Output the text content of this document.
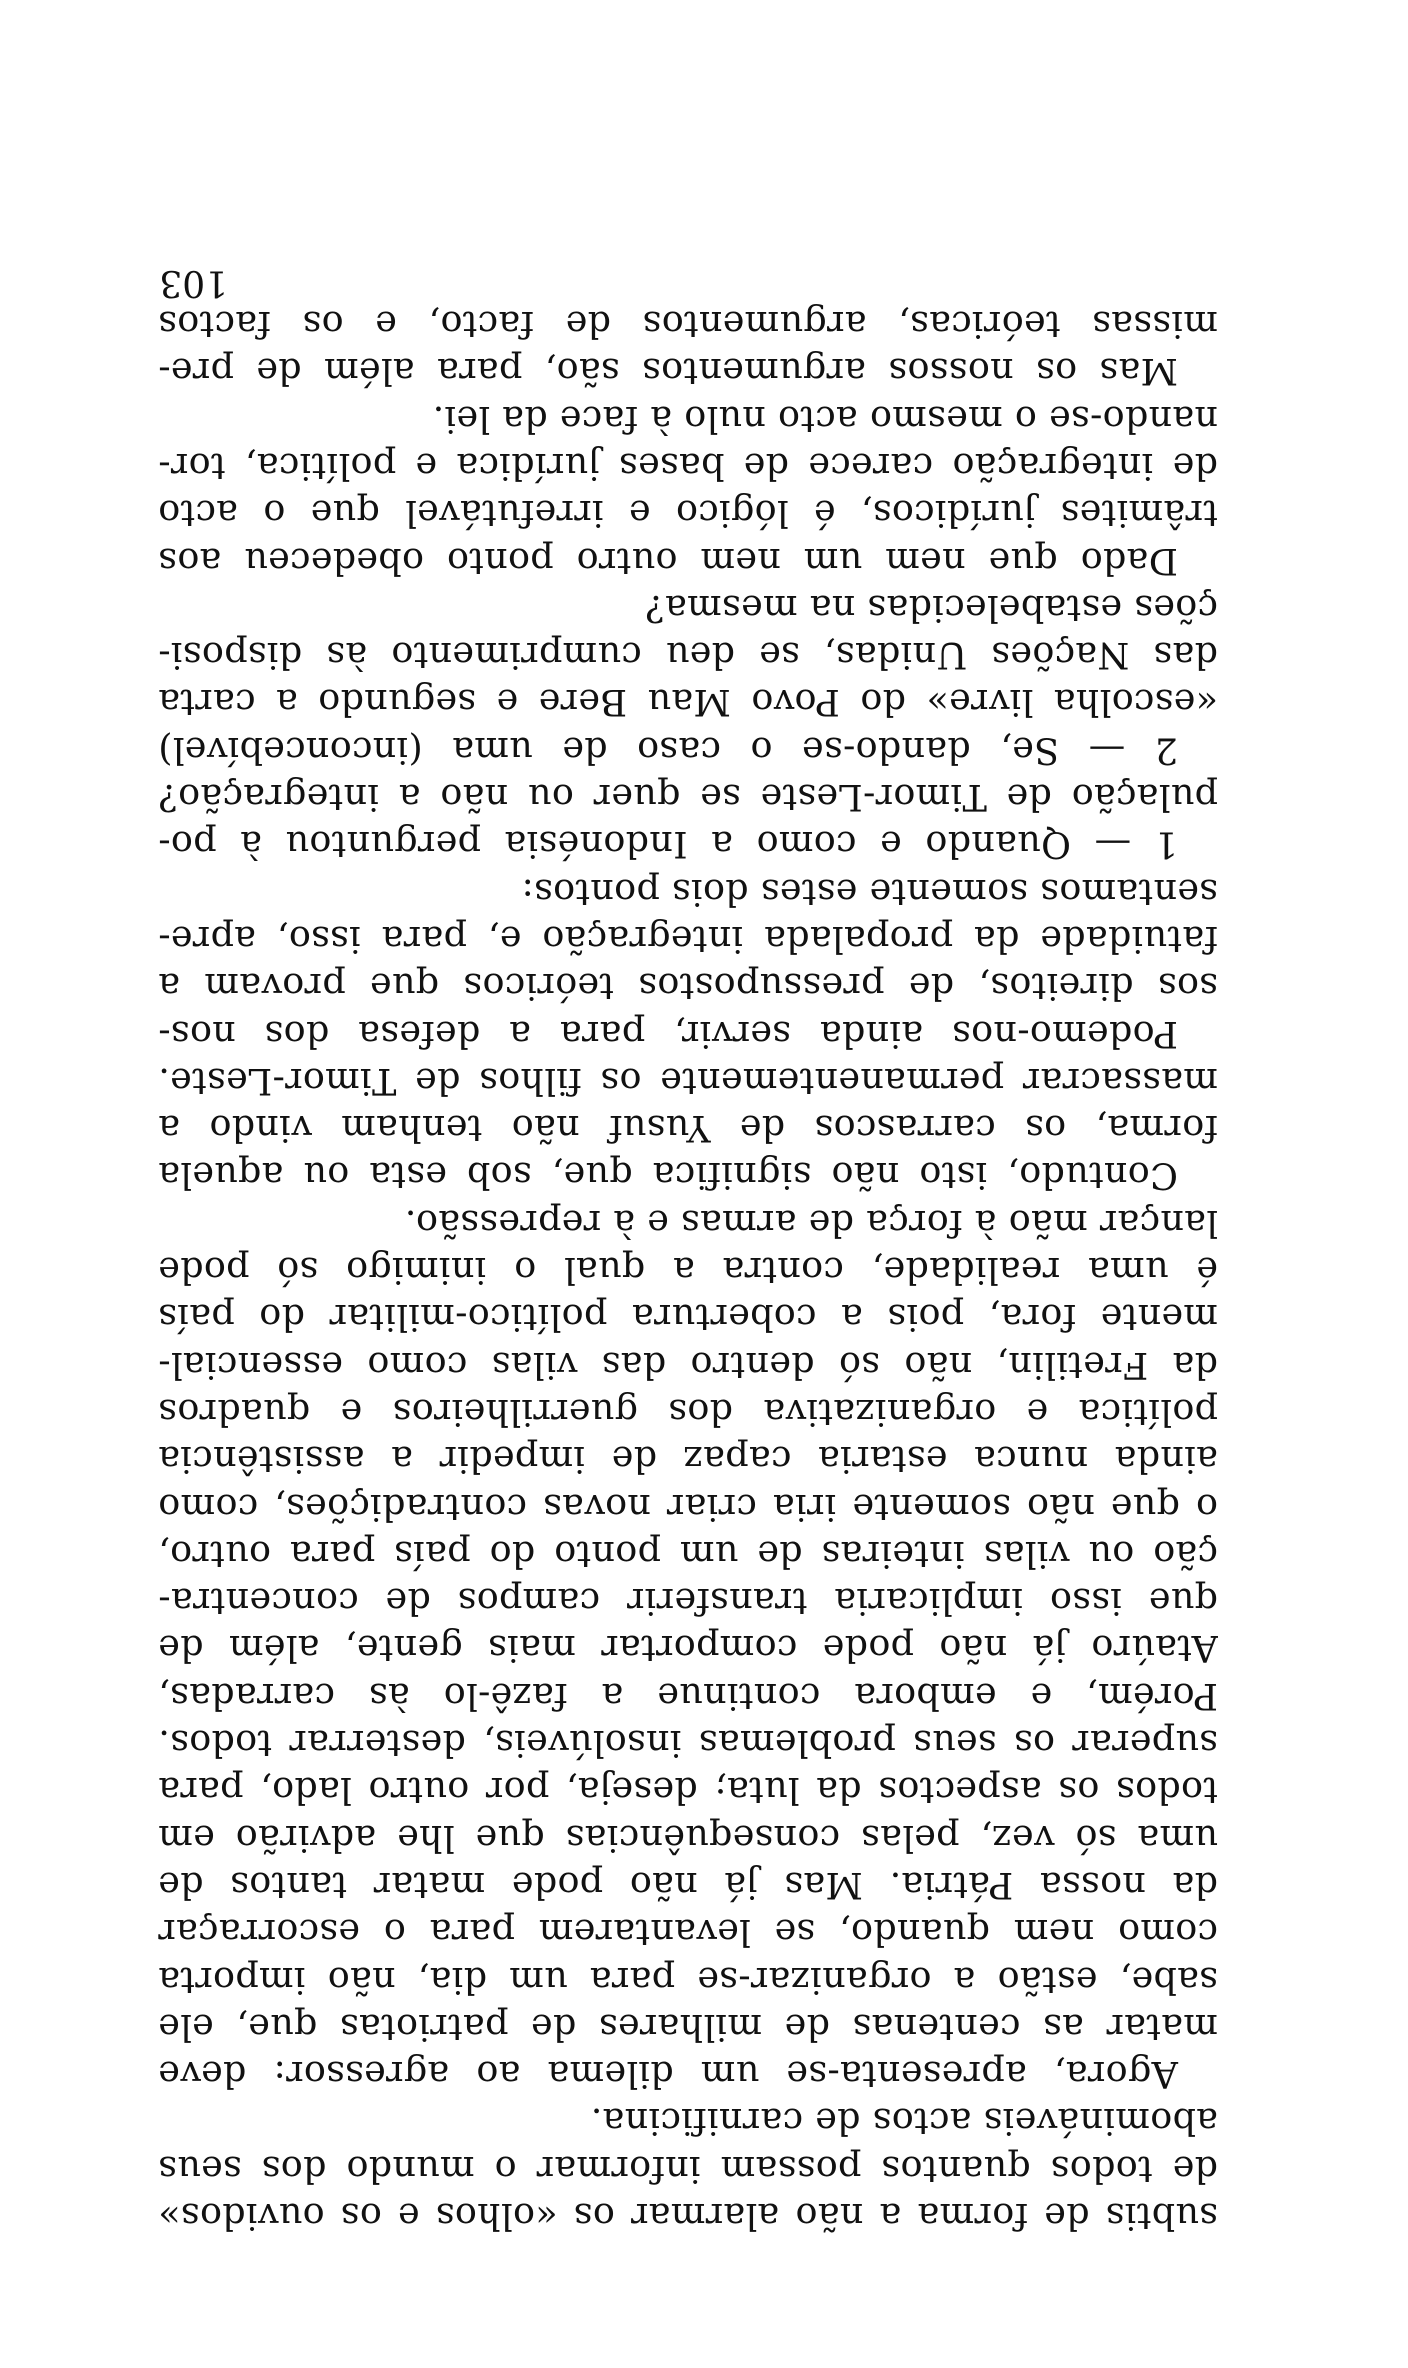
subtis de forma a não alarmar os «olhos e os ouvidos»
de todos quantos possam informar o mundo dos seus
abomináveis actos de carnificina.
Agora, apresenta-se um dilema ao agressor: deve
matar as centenas de milhares de patriotas que, ele
sabe, estão a organizar-se para um dia, não importa
como nem quando, se levantarem para o escorraçar
da nossa Pátria. Mas já não pode matar tantos de
uma só vez, pelas consequências que lhe advirão em
todos os aspectos da luta; deseja, por outro lado, para
superar os seus problemas insolúveis, desterrar todos.
Porém, e embora continue a fazê-lo às carradas,
Ataúro já não pode comportar mais gente, além de
que isso implicaria transferir campos de concentra-
ção ou vilas inteiras de um ponto do país para outro,
o que não somente iria criar novas contradições, como
ainda nunca estaria capaz de impedir a assistência
política e organizativa dos guerrilheiros e quadros
da Fretilin, não só dentro das vilas como essencial-
mente fora, pois a cobertura político-militar do país
é uma realidade, contra a qual o inimigo só pode
lançar mão à força de armas e à repressão.
Contudo, isto não significa que, sob esta ou aquela
forma, os carrascos de Yusuf não tenham vindo a
massacrar permanentemente os filhos de Timor-Leste.
Podemo-nos ainda servir, para a defesa dos nos-
sos direitos, de pressupostos teóricos que provam a
fatuidade da propalada integração e, para isso, apre-
sentamos somente estes dois pontos:
1 — Quando e como a Indonésia perguntou à po-
pulação de Timor-Leste se quer ou não a integração?
2 — Se, dando-se o caso de uma (inconcebível)
«escolha livre» do Povo Mau Bere e segundo a carta
das Nações Unidas, se deu cumprimento às disposi-
ções estabelecidas na mesma?
Dado que nem um nem outro ponto obedeceu aos
trâmites jurídicos, é lógico e irrefutável que o acto
de integração carece de bases jurídica e política, tor-
nando-se o mesmo acto nulo à face da lei.
Mas os nossos argumentos são, para além de pre-
missas teóricas, argumentos de facto, e os factos
103
